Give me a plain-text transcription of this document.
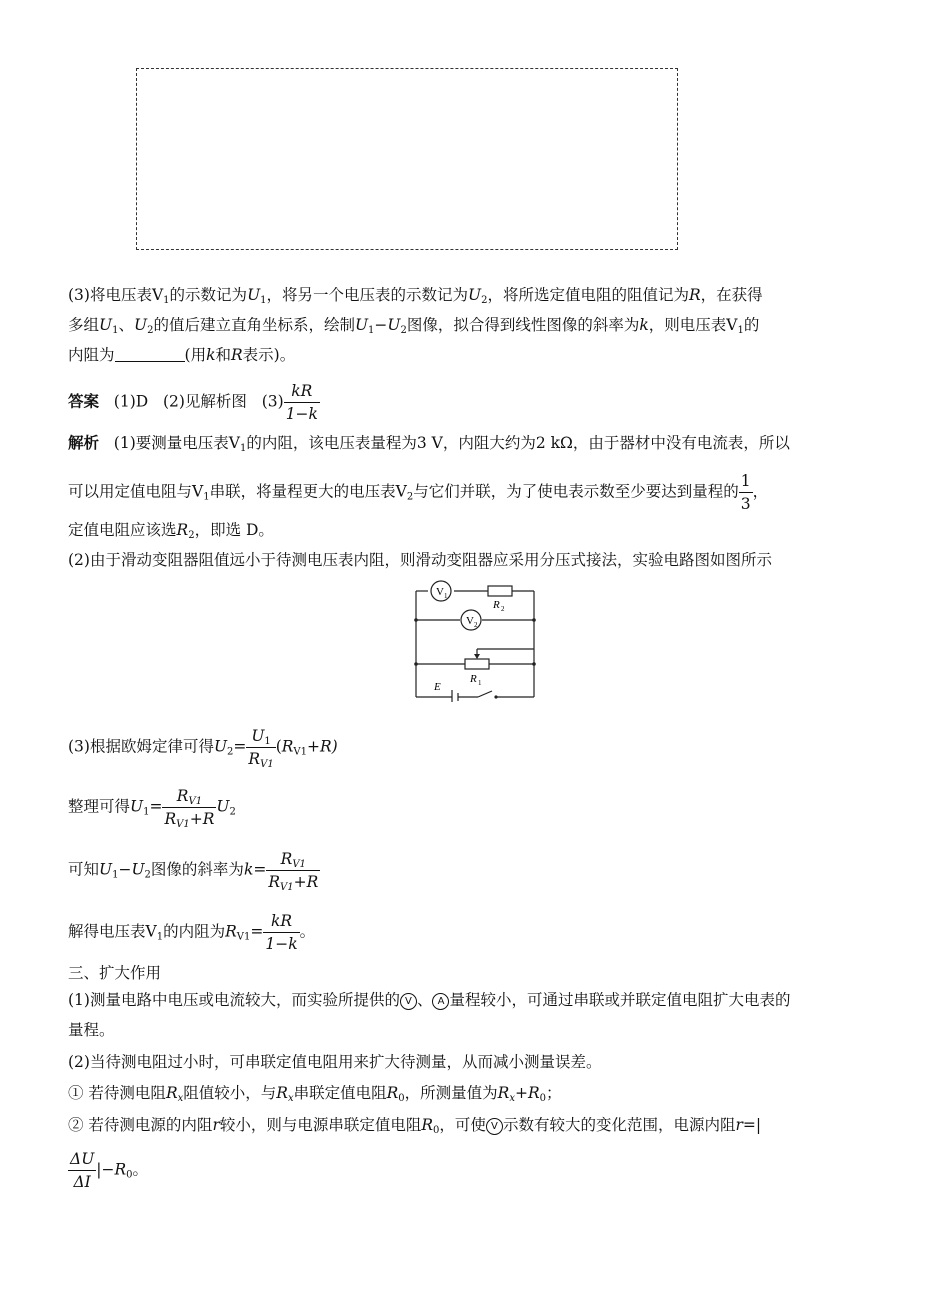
(3)将电压表$V_1$的示数记为$U_1$，将另一个电压表的示数记为$U_2$，将所选定值电阻的阻值记为R，在获得
多组$U_1$、$U_2$的值后建立直角坐标系，绘制$U_1-U_2$图像，拟合得到线性图像的斜率为k，则电压表$V_1$的
内阻为	(用k和R表示)。
答案 (1)D (2)见解析图 $(3) \frac{kR}{1-k}$
解析 (1)要测量电压表$V_1$的内阻，该电压表量程为3 V，内阻大约为2 kΩ，由于器材中没有电流表，所以
可以用定值电阻与$V_1$串联，将量程更大的电压表$V_2$与它们并联，为了使电表示数至少要达到量程的 $\frac{1}{3}$ ，
定值电阻应该选$R_2$，即选 D。
(2)由于滑动变阻器阻值远小于待测电压表内阻，则滑动变阻器应采用分压式接法，实验电路图如图所示
V 1
V 2
R 2
R 1
E
(3)根据欧姆定律可得$U_2= \frac{U_1}{R_{V1}} (R_{V1}+R)$
整理可得$U_1= \frac{R_{V1}}{R_{V1}+R} U_2$
可知$U_1-U_2$图像的斜率为$k= \frac{R_{V1}}{R_{V1}+R}$
解得电压表$V_1$的内阻为$R_{V1}= \frac{kR}{1-k}$ 。
三、扩大作用
(1)测量电路中电压或电流较大，而实验所提供的 V 、 A 量程较小，可通过串联或并联定值电阻扩大电表的
量程。
(2)当待测电阻过小时，可串联定值电阻用来扩大待测量，从而减小测量误差。
① 若待测电阻$R_x$阻值较小，与$R_x$串联定值电阻$R_0$，所测量值为$R_x+R_0$；
② 若待测电源的内阻r较小，则与电源串联定值电阻$R_0$，可使 V 示数有较大的变化范围，电源内阻r=|
$\frac{\Delta U}{\Delta I} |-R_0$。
